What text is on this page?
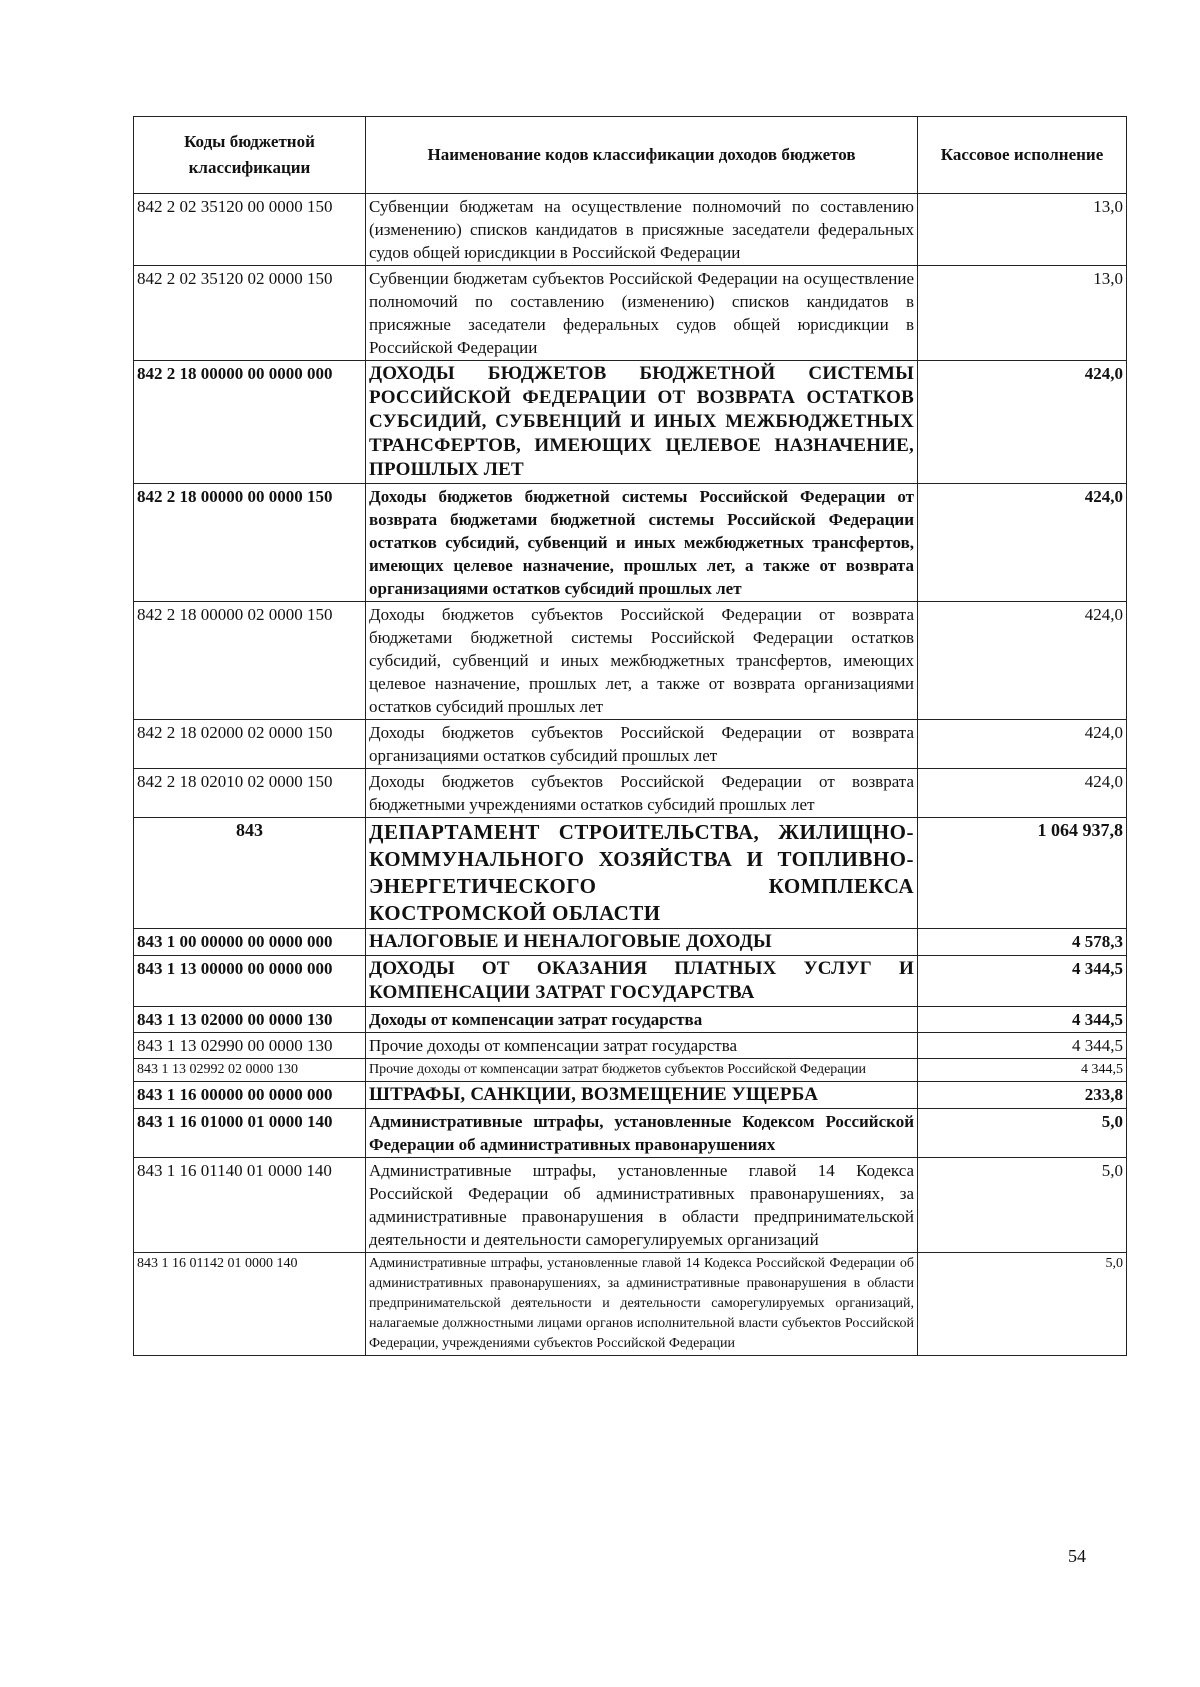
Коды бюджетной классификации	Наименование кодов классификации доходов бюджетов	Кассовое исполнение
842 2 02 35120 00 0000 150	Субвенции бюджетам на осуществление полномочий по составлению (изменению) списков кандидатов в присяжные заседатели федеральных судов общей юрисдикции в Российской Федерации	13,0
842 2 02 35120 02 0000 150	Субвенции бюджетам субъектов Российской Федерации на осуществление полномочий по составлению (изменению) списков кандидатов в присяжные заседатели федеральных судов общей юрисдикции в Российской Федерации	13,0
842 2 18 00000 00 0000 000	ДОХОДЫ БЮДЖЕТОВ БЮДЖЕТНОЙ СИСТЕМЫ РОССИЙСКОЙ ФЕДЕРАЦИИ ОТ ВОЗВРАТА ОСТАТКОВ СУБСИДИЙ, СУБВЕНЦИЙ И ИНЫХ МЕЖБЮДЖЕТНЫХ ТРАНСФЕРТОВ, ИМЕЮЩИХ ЦЕЛЕВОЕ НАЗНАЧЕНИЕ, ПРОШЛЫХ ЛЕТ	424,0
842 2 18 00000 00 0000 150	Доходы бюджетов бюджетной системы Российской Федерации от возврата бюджетами бюджетной системы Российской Федерации остатков субсидий, субвенций и иных межбюджетных трансфертов, имеющих целевое назначение, прошлых лет, а также от возврата организациями остатков субсидий прошлых лет	424,0
842 2 18 00000 02 0000 150	Доходы бюджетов субъектов Российской Федерации от возврата бюджетами бюджетной системы Российской Федерации остатков субсидий, субвенций и иных межбюджетных трансфертов, имеющих целевое назначение, прошлых лет, а также от возврата организациями остатков субсидий прошлых лет	424,0
842 2 18 02000 02 0000 150	Доходы бюджетов субъектов Российской Федерации от возврата организациями остатков субсидий прошлых лет	424,0
842 2 18 02010 02 0000 150	Доходы бюджетов субъектов Российской Федерации от возврата бюджетными учреждениями остатков субсидий прошлых лет	424,0
843	ДЕПАРТАМЕНТ СТРОИТЕЛЬСТВА, ЖИЛИЩНО-КОММУНАЛЬНОГО ХОЗЯЙСТВА И ТОПЛИВНО-ЭНЕРГЕТИЧЕСКОГО КОМПЛЕКСА КОСТРОМСКОЙ ОБЛАСТИ	1 064 937,8
843 1 00 00000 00 0000 000	НАЛОГОВЫЕ И НЕНАЛОГОВЫЕ ДОХОДЫ	4 578,3
843 1 13 00000 00 0000 000	ДОХОДЫ ОТ ОКАЗАНИЯ ПЛАТНЫХ УСЛУГ И КОМПЕНСАЦИИ ЗАТРАТ ГОСУДАРСТВА	4 344,5
843 1 13 02000 00 0000 130	Доходы от компенсации затрат государства	4 344,5
843 1 13 02990 00 0000 130	Прочие доходы от компенсации затрат государства	4 344,5
843 1 13 02992 02 0000 130	Прочие доходы от компенсации затрат бюджетов субъектов Российской Федерации	4 344,5
843 1 16 00000 00 0000 000	ШТРАФЫ, САНКЦИИ, ВОЗМЕЩЕНИЕ УЩЕРБА	233,8
843 1 16 01000 01 0000 140	Административные штрафы, установленные Кодексом Российской Федерации об административных правонарушениях	5,0
843 1 16 01140 01 0000 140	Административные штрафы, установленные главой 14 Кодекса Российской Федерации об административных правонарушениях, за административные правонарушения в области предпринимательской деятельности и деятельности саморегулируемых организаций	5,0
843 1 16 01142 01 0000 140	Административные штрафы, установленные главой 14 Кодекса Российской Федерации об административных правонарушениях, за административные правонарушения в области предпринимательской деятельности и деятельности саморегулируемых организаций, налагаемые должностными лицами органов исполнительной власти субъектов Российской Федерации, учреждениями субъектов Российской Федерации	5,0
54
